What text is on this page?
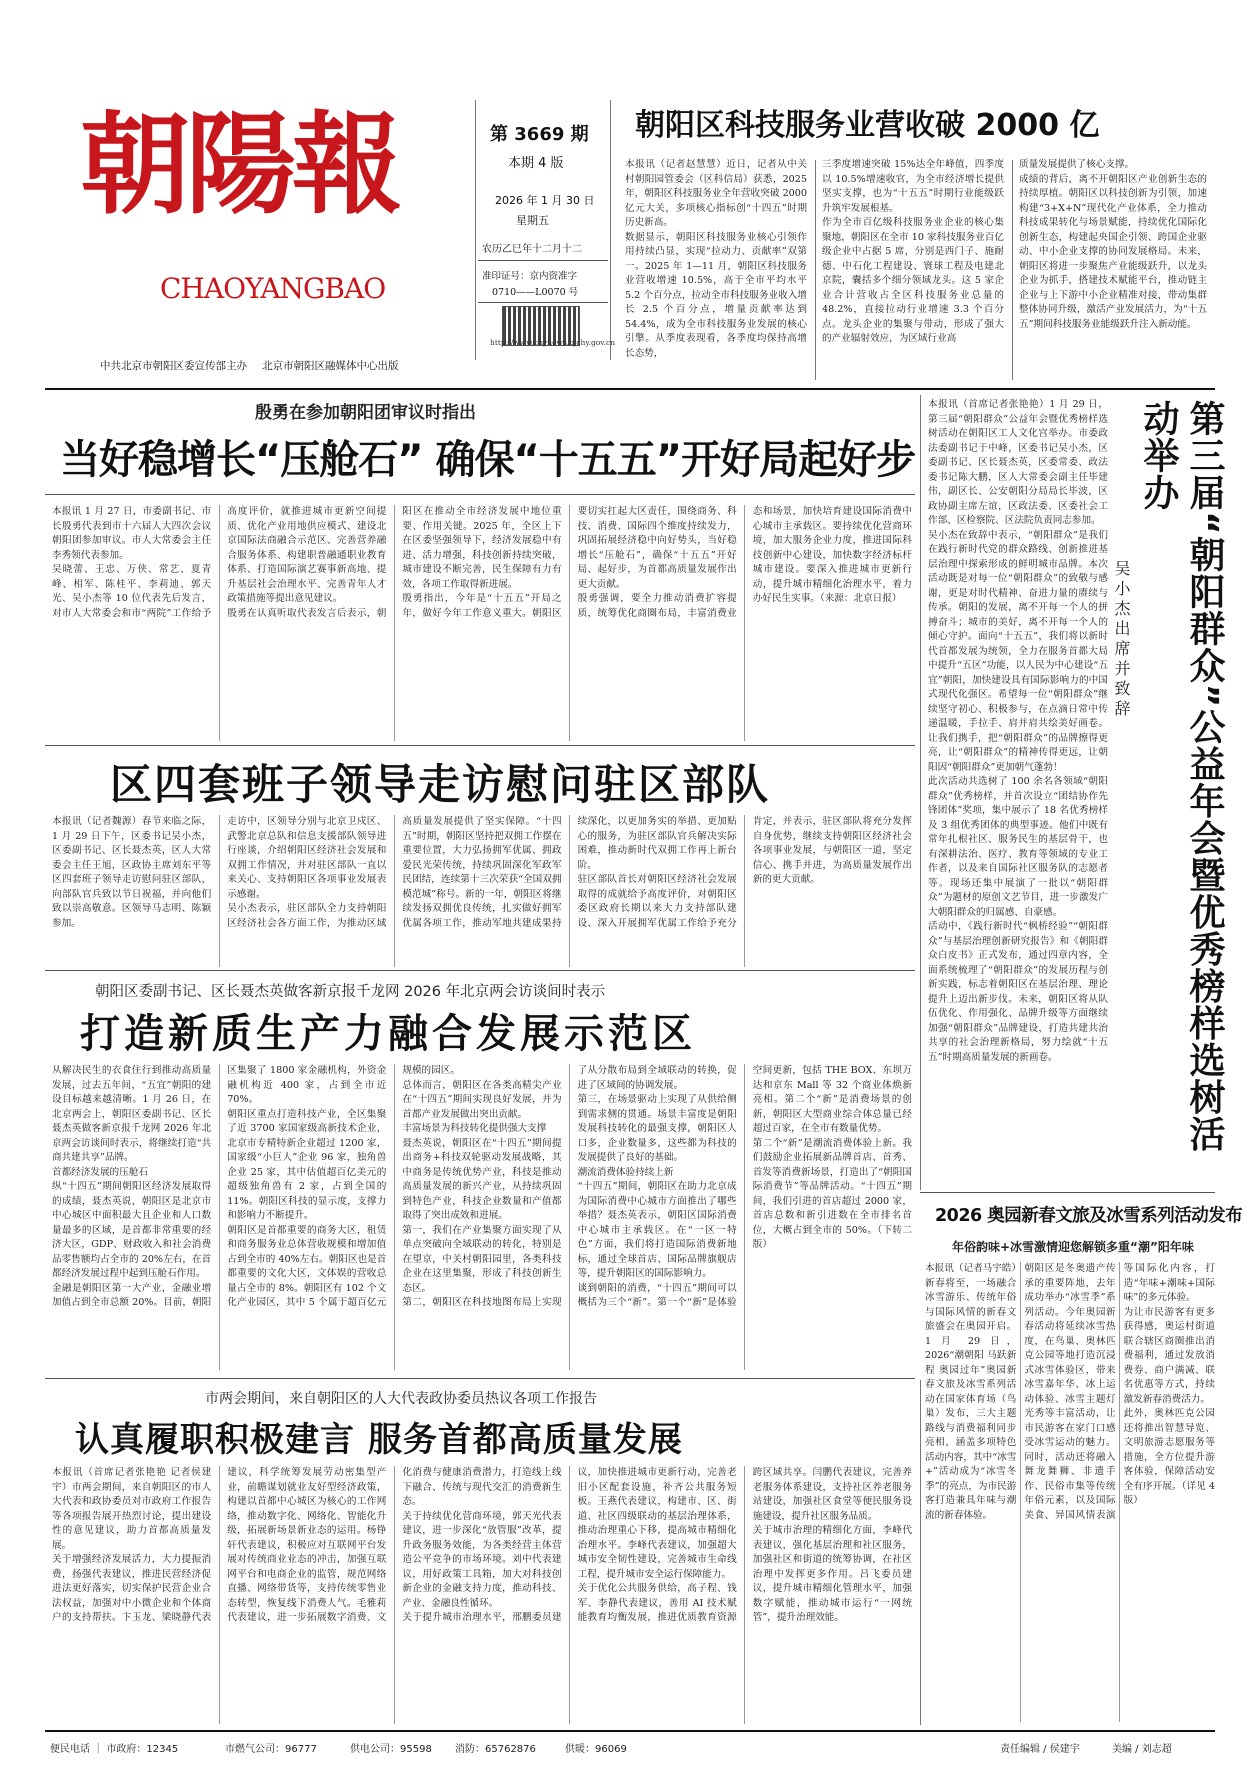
朝陽報
CHAOYANGBAO
第 3669 期
本期 4 版
2026 年 1 月 30 日
星期五
农历乙巳年十二月十二
准印证号：京内资准字
0710——L0070 号
http://www.chynews.bjchy.gov.cn
中共北京市朝阳区委宣传部主办 北京市朝阳区融媒体中心出版
朝阳区科技服务业营收破 2000 亿
本报讯（记者赵慧慧）近日，记者从中关村朝阳园管委会（区科信局）获悉，2025 年，朝阳区科技服务业全年营收突破 2000 亿元大关，多项核心指标创“十四五”时期历史新高。
数据显示，朝阳区科技服务业核心引领作用持续凸显，实现“拉动力、贡献率”双第一。2025 年 1—11 月，朝阳区科技服务业营收增速 10.5%，高于全市平均水平 5.2 个百分点，拉动全市科技服务业收入增长 2.5 个百分点，增量贡献率达到 54.4%，成为全市科技服务业发展的核心引擎。从季度表现看，各季度均保持高增长态势，
三季度增速突破 15%达全年峰值，四季度以 10.5%增速收官，为全市经济增长提供坚实支撑，也为“十五五”时期行业能级跃升筑牢发展根基。
作为全市百亿级科技服务业企业的核心集聚地，朝阳区在全市 10 家科技服务业百亿级企业中占据 5 席，分别是西门子、施耐德、中石化工程建设、寰球工程及电建北京院，囊括多个细分领域龙头。这 5 家企业合计营收占全区科技服务业总量的 48.2%，直接拉动行业增速 3.3 个百分点。龙头企业的集聚与带动，形成了强大的产业辐射效应，为区域行业高
质量发展提供了核心支撑。
成绩的背后，离不开朝阳区产业创新生态的持续厚植。朝阳区以科技创新为引领，加速构建“3+X+N”现代化产业体系，全力推动科技成果转化与场景赋能，持续优化国际化创新生态，构建起央国企引领、跨国企业驱动、中小企业支撑的协同发展格局。未来，朝阳区将进一步聚焦产业能级跃升，以龙头企业为抓手，搭建技术赋能平台，推动链主企业与上下游中小企业精准对接，带动集群整体协同升级，激活产业发展活力，为“十五五”期间科技服务业能级跃升注入新动能。
殷勇在参加朝阳团审议时指出
当好稳增长“压舱石” 确保“十五五”开好局起好步
本报讯 1 月 27 日，市委副书记、市长殷勇代表到市十六届人大四次会议朝阳团参加审议。市人大常委会主任李秀领代表参加。
吴晓蕾、王忠、万侠、常艺、夏青峰、相军、陈桂平、李莉迪、郭天光、吴小杰等 10 位代表先后发言，对市人大常委会和市“两院”工作给予高度评价，就推进城市更新空间提质、优化产业用地供应模式、建设北京国际法商融合示范区、完善营养融合服务体系、构建职普融通职业教育体系、打造国际演艺赛事新高地、提升基层社会治理水平、完善青年人才政策措施等提出意见建议。
殷勇在认真听取代表发言后表示，朝阳区在推动全市经济发展中地位重要、作用关键。2025 年，全区上下在区委坚强领导下，经济发展稳中有进、活力增强，科技创新持续突破，城市建设不断完善，民生保障有力有效，各项工作取得新进展。
殷勇指出，今年是“十五五”开局之年，做好今年工作意义重大。朝阳区要切实扛起大区责任，围绕商务、科技、消费、国际四个维度持续发力，巩固拓展经济稳中向好势头，当好稳增长“压舱石”，确保“十五五”开好局、起好步，为首都高质量发展作出更大贡献。
殷勇强调，要全力推动消费扩容提质，统筹优化商圈布局，丰富消费业态和场景，加快培育建设国际消费中心城市主承载区。要持续优化营商环境，加大服务企业力度，推进国际科技创新中心建设，加快数字经济标杆城市建设。要深入推进城市更新行动，提升城市精细化治理水平，着力办好民生实事。（来源：北京日报）
本报讯（首席记者张艳艳）1 月 29 日，第三届“朝阳群众”公益年会暨优秀榜样选树活动在朝阳区工人文化宫举办。市委政法委副书记于中峰，区委书记吴小杰，区委副书记、区长聂杰英，区委常委、政法委书记陈大鹏，区人大常委会副主任毕建伟，副区长、公安朝阳分局局长毕波，区政协副主席左谊，区政法委、区委社会工作部、区检察院、区法院负责同志参加。
吴小杰在致辞中表示，“朝阳群众”是我们在践行新时代党的群众路线、创新推进基层治理中探索形成的鲜明城市品牌。本次活动既是对每一位“朝阳群众”的致敬与感谢，更是对时代精神、奋进力量的赓续与传承。朝阳的发展，离不开每一个人的拼搏奋斗；城市的美好，离不开每一个人的倾心守护。面向“十五五”，我们将以新时代首都发展为统领，全力在服务首都大局中提升“五区”功能，以人民为中心建设“五宜”朝阳，加快建设具有国际影响力的中国式现代化强区。希望每一位“朝阳群众”继续坚守初心、积极参与，在点滴日常中传递温暖，手拉手、肩并肩共绘美好画卷。让我们携手，把“朝阳群众”的品牌擦得更亮，让“朝阳群众”的精神传得更远，让朝阳因“朝阳群众”更加朝气蓬勃！
此次活动共选树了 100 余名各领域“朝阳群众”优秀榜样，并首次设立“团结协作先锋团体”奖项，集中展示了 18 名优秀榜样及 3 组优秀团体的典型事迹。他们中既有常年扎根社区、服务民生的基层骨干，也有深耕法治、医疗、教育等领域的专业工作者，以及来自国际社区服务队的志愿者等。现场还集中展演了一批以“朝阳群众”为题材的原创文艺节目，进一步激发广大朝阳群众的归属感、自豪感。
活动中，《践行新时代“枫桥经验”“朝阳群众”与基层治理创新研究报告》和《朝阳群众白皮书》正式发布，通过四章内容，全面系统梳理了“朝阳群众”的发展历程与创新实践，标志着朝阳区在基层治理、理论提升上迈出新步伐。未来，朝阳区将从队伍优化、作用强化、品牌升级等方面继续加强“朝阳群众”品牌建设，打造共建共治共享的社会治理新格局，努力绘就“十五五”时期高质量发展的新画卷。	第三届“朝阳群众”公益年会暨优秀榜样选树活动举办
吴小杰出席并致辞
区四套班子领导走访慰问驻区部队
本报讯（记者魏源）春节来临之际，1 月 29 日下午，区委书记吴小杰，区委副书记、区长聂杰英，区人大常委会主任王旭，区政协主席刘东平等区四套班子领导走访慰问驻区部队，向部队官兵致以节日祝福，并向他们致以崇高敬意。区领导马志明、陈颖参加。
走访中，区领导分别与北京卫戍区、武警北京总队和信息支援部队领导进行座谈，介绍朝阳区经济社会发展和双拥工作情况，并对驻区部队一直以来关心、支持朝阳区各项事业发展表示感谢。
吴小杰表示，驻区部队全力支持朝阳区经济社会各方面工作，为推动区域高质量发展提供了坚实保障。“十四五”时期，朝阳区坚持把双拥工作摆在重要位置，大力弘扬拥军优属、拥政爱民光荣传统，持续巩固深化军政军民团结，连续第十三次荣获“全国双拥模范城”称号。新的一年，朝阳区将继续发扬双拥优良传统，扎实做好拥军优属各项工作，推动军地共建成果持续深化，以更加务实的举措、更加贴心的服务，为驻区部队官兵解决实际困难，推动新时代双拥工作再上新台阶。
驻区部队首长对朝阳区经济社会发展取得的成就给予高度评价，对朝阳区委区政府长期以来大力支持部队建设、深入开展拥军优属工作给予充分肯定，并表示，驻区部队将充分发挥自身优势，继续支持朝阳区经济社会各项事业发展，与朝阳区一道，坚定信心、携手并进，为高质量发展作出新的更大贡献。
朝阳区委副书记、区长聂杰英做客新京报千龙网 2026 年北京两会访谈间时表示
打造新质生产力融合发展示范区
从解决民生的衣食住行到推动高质量发展，过去五年间，“五宜”朝阳的建设目标越来越清晰。1 月 26 日，在北京两会上，朝阳区委副书记、区长聂杰英做客新京报千龙网 2026 年北京两会访谈间时表示，将继续打造“共商共建共享”品牌。
首都经济发展的压舱石
纵“十四五”期间朝阳区经济发展取得的成绩，聂杰英说，朝阳区是北京市中心城区中面积最大且企业和人口数量最多的区域，是首都非常重要的经济大区，GDP、财政收入和社会消费品零售额均占全市的 20%左右，在首都经济发展过程中起到压舱石作用。
金融是朝阳区第一大产业，金融业增加值占到全市总额 20%。目前，朝阳区集聚了 1800 家金融机构，外资金融机构近 400 家，占到全市近 70%。
朝阳区重点打造科技产业，全区集聚了近 3700 家国家级高新技术企业，北京市专精特新企业超过 1200 家，国家级“小巨人”企业 96 家，独角兽企业 25 家，其中估值超百亿美元的超级独角兽有 2 家，占到全国的 11%。朝阳区科技的显示度，支撑力和影响力不断提升。
朝阳区是首都重要的商务大区，租赁和商务服务业总体营收规模和增加值占到全市的 40%左右。朝阳区也是首都重要的文化大区，文体娱的营收总量占全市的 8%。朝阳区有 102 个文化产业园区，其中 5 个属于超百亿元规模的园区。
总体而言，朝阳区在各类高精尖产业在“十四五”期间实现良好发展，并为首都产业发展做出突出贡献。
丰富场景为科技转化提供强大支撑
聂杰英说，朝阳区在“十四五”期间提出商务+科技双轮驱动发展战略，其中商务是传统优势产业，科技是推动高质量发展的新兴产业，从持续巩固到特色产业，科技企业数量和产值都取得了突出成效和进展。
第一，我们在产业集聚方面实现了从单点突破向全域联动的转化，特别是在望京，中关村朝阳园里，各类科技企业在这里集聚，形成了科技创新生态区。
第二，朝阳区在科技地图布局上实现了从分散布局到全域联动的转换，促进了区域间的协调发展。
第三，在场景驱动上实现了从供给侧到需求侧的贯通。场景丰富度是朝阳发展科技转化的最强支撑，朝阳区人口多，企业数量多，这些都为科技的发展提供了良好的基础。
潮流消费体验持续上新
“十四五”期间，朝阳区在助力北京成为国际消费中心城市方面推出了哪些举措？聂杰英表示，朝阳区国际消费中心城市主承载区。在“一区一特色”方面，我们将打造国际消费新地标，通过全球首店、国际品牌旗舰店等，提升朝阳区的国际影响力。
谈到朝阳的消费，“十四五”期间可以概括为三个“新”。第一个“新”是体验空间更新，包括 THE BOX、东坝万达和京东 Mall 等 32 个商业体焕新亮相。第二个“新”是消费场景的创新，朝阳区大型商业综合体总量已经超过百家，在全市有数量优势。
第二个“新”是潮流消费体验上新。我们鼓励企业拓展新品牌首店、首秀、首发等消费新场景，打造出了“朝阳国际消费节”等品牌活动。“十四五”期间，我们引进的首店超过 2000 家，首店总数和新引进数在全市排名首位，大概占到全市的 50%。（下转二版）
2026 奥园新春文旅及冰雪系列活动发布
年俗韵味+冰雪激情迎您解锁多重“潮”阳年味
本报讯（记者马宇皓）新春将至，一场融合冰雪游乐、传统年俗与国际风情的新春文旅盛会在奥园开启。1 月 29 日，2026“潮朝阳 马跃新程 奥园过年”奥园新春文旅及冰雪系列活动在国家体育场（鸟巢）发布，三大主题路线与消费福利同步亮相，涵盖多项特色活动内容，其中“冰雪+”活动成为“冰雪冬季”的亮点，为市民游客打造兼具年味与潮流的新春体验。
朝阳区是冬奥遗产传承的重要阵地，去年成功举办“冰雪季”系列活动。今年奥园新春活动将延续冰雪热度，在鸟巢、奥林匹克公园等地打造沉浸式冰雪体验区，带来冰雪嘉年华、冰上运动体验、冰雪主题灯光秀等丰富活动，让市民游客在家门口感受冰雪运动的魅力。同时，活动还将融入舞龙舞狮、非遗手作、民俗市集等传统年俗元素，以及国际美食、异国风情表演等国际化内容，打造“年味+潮味+国际味”的多元体验。
为让市民游客有更多获得感，奥运村街道联合辖区商圈推出消费福利，通过发放消费券、商户满减、联名优惠等方式，持续激发新春消费活力。
此外，奥林匹克公园还将推出智慧导览、文明旅游志愿服务等措施，全方位提升游客体验，保障活动安全有序开展。（详见 4 版）
市两会期间，来自朝阳区的人大代表政协委员热议各项工作报告
认真履职积极建言 服务首都高质量发展
本报讯（首席记者张艳艳 记者侯建宇）市两会期间，来自朝阳区的市人大代表和政协委员对市政府工作报告等各项报告展开热烈讨论，提出建设性的意见建议，助力首都高质量发展。
关于增强经济发展活力，大力提振消费，扬强代表建议，推进民营经济促进法更好落实，切实保护民营企业合法权益，加强对中小微企业和个体商户的支持帮扶。卞玉龙、梁晓静代表建议，科学统筹发展劳动密集型产业，前瞻谋划就业友好型经济政策，构建以首都中心城区为核心的工作网络，推动数字化、网络化、智能化升级，拓展新场景新业态的运用。杨铮轩代表建议，积极应对互联网平台发展对传统商业业态的冲击，加强互联网平台和电商企业的监管，规范网络直播、网络带货等，支持传统零售业态转型，恢复线下消费人气。毛雅莉代表建议，进一步拓展数字消费、文化消费与健康消费潜力，打造线上线下融合、传统与现代交汇的消费新生态。
关于持续优化营商环境，郭天光代表建议，进一步深化“放管服”改革，提升政务服务效能，为各类经营主体营造公平竞争的市场环境。刘中代表建议，用好政策工具箱，加大对科技创新企业的金融支持力度，推动科技、产业、金融良性循环。
关于提升城市治理水平，邢鹏委员建议，加快推进城市更新行动，完善老旧小区配套设施，补齐公共服务短板。王燕代表建议，构建市、区、街道、社区四级联动的基层治理体系，推动治理重心下移，提高城市精细化治理水平。李峰代表建议，加强超大城市安全韧性建设，完善城市生命线工程，提升城市安全运行保障能力。
关于优化公共服务供给，高子程、钱军、李静代表建议，善用 AI 技术赋能教育均衡发展，推进优质教育资源跨区域共享。闫鹏代表建议，完善养老服务体系建设，支持社区养老服务站建设，加强社区食堂等便民服务设施建设，提升社区服务品质。
关于城市治理的精细化方面，李峰代表建议，强化基层治理和社区服务，加强社区和街道的统筹协调，在社区治理中发挥更多作用。吕飞委员建议，提升城市精细化管理水平，加强数字赋能，推动城市运行“一网统管”，提升治理效能。
便民电话 ｜ 市政府：12345	市燃气公司：96777	供电公司：95598 消防：65762876	供暖：96069	责任编辑 / 侯建宇	美编 / 刘志超
